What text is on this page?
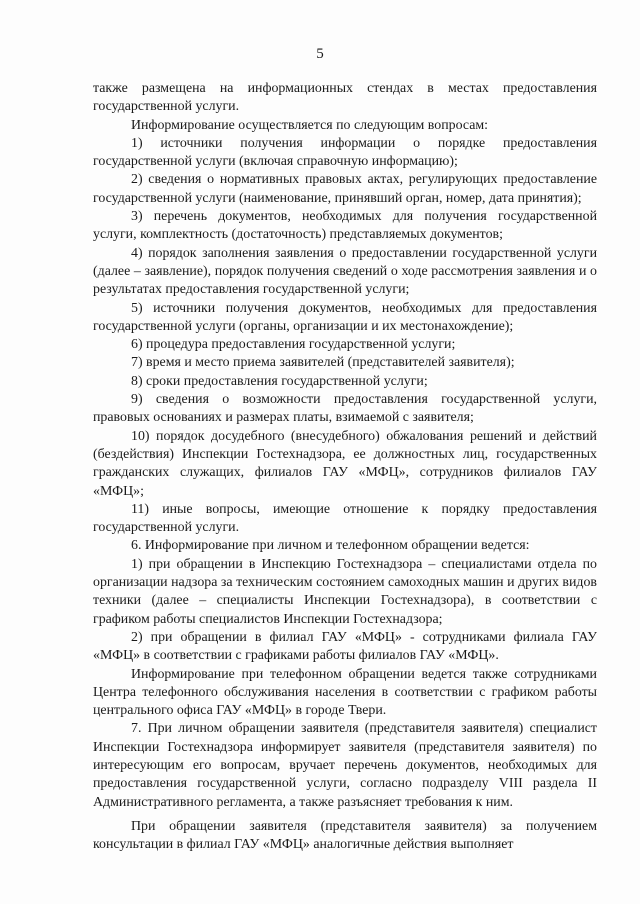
5

также размещена на информационных стендах в местах предоставления государственной услуги.

Информирование осуществляется по следующим вопросам:

1) источники получения информации о порядке предоставления государственной услуги (включая справочную информацию);

2) сведения о нормативных правовых актах, регулирующих предоставление государственной услуги (наименование, принявший орган, номер, дата принятия);

3) перечень документов, необходимых для получения государственной услуги, комплектность (достаточность) представляемых документов;

4) порядок заполнения заявления о предоставлении государственной услуги (далее – заявление), порядок получения сведений о ходе рассмотрения заявления и о результатах предоставления государственной услуги;

5) источники получения документов, необходимых для предоставления государственной услуги (органы, организации и их местонахождение);

6) процедура предоставления государственной услуги;

7) время и место приема заявителей (представителей заявителя);

8) сроки предоставления государственной услуги;

9) сведения о возможности предоставления государственной услуги, правовых основаниях и размерах платы, взимаемой с заявителя;

10) порядок досудебного (внесудебного) обжалования решений и действий (бездействия) Инспекции Гостехнадзора, ее должностных лиц, государственных гражданских служащих, филиалов ГАУ «МФЦ», сотрудников филиалов ГАУ «МФЦ»;

11) иные вопросы, имеющие отношение к порядку предоставления государственной услуги.

6. Информирование при личном и телефонном обращении ведется:

1) при обращении в Инспекцию Гостехнадзора – специалистами отдела по организации надзора за техническим состоянием самоходных машин и других видов техники (далее – специалисты Инспекции Гостехнадзора), в соответствии с графиком работы специалистов Инспекции Гостехнадзора;

2) при обращении в филиал ГАУ «МФЦ» - сотрудниками филиала ГАУ «МФЦ» в соответствии с графиками работы филиалов ГАУ «МФЦ».

Информирование при телефонном обращении ведется также сотрудниками Центра телефонного обслуживания населения в соответствии с графиком работы центрального офиса ГАУ «МФЦ» в городе Твери.

7. При личном обращении заявителя (представителя заявителя) специалист Инспекции Гостехнадзора информирует заявителя (представителя заявителя) по интересующим его вопросам, вручает перечень документов, необходимых для предоставления государственной услуги, согласно подразделу VIII раздела II Административного регламента, а также разъясняет требования к ним.

При обращении заявителя (представителя заявителя) за получением консультации в филиал ГАУ «МФЦ» аналогичные действия выполняет
